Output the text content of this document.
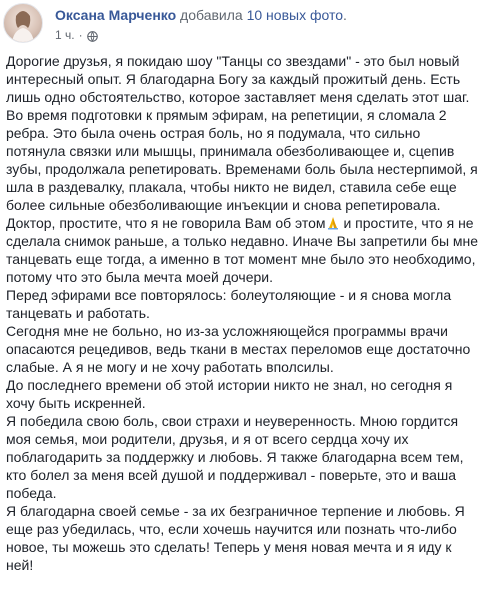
Оксана Марченко добавила 10 новых фото.
1 ч. ·
Дорогие друзья, я покидаю шоу "Танцы со звездами" - это был новый
интересный опыт. Я благодарна Богу за каждый прожитый день. Есть
лишь одно обстоятельство, которое заставляет меня сделать этот шаг.
Во время подготовки к прямым эфирам, на репетиции, я сломала 2
ребра. Это была очень острая боль, но я подумала, что сильно
потянула связки или мышцы, принимала обезболивающее и, сцепив
зубы, продолжала репетировать. Временами боль была нестерпимой, я
шла в раздевалку, плакала, чтобы никто не видел, ставила себе еще
более сильные обезболивающие инъекции и снова репетировала.
Доктор, простите, что я не говорила Вам об этом и простите, что я не
сделала снимок раньше, а только недавно. Иначе Вы запретили бы мне
танцевать еще тогда, а именно в тот момент мне было это необходимо,
потому что это была мечта моей дочери.
Перед эфирами все повторялось: болеутоляющие - и я снова могла
танцевать и работать.
Сегодня мне не больно, но из-за усложняющейся программы врачи
опасаются рецедивов, ведь ткани в местах переломов еще достаточно
слабые. А я не могу и не хочу работать вполсилы.
До последнего времени об этой истории никто не знал, но сегодня я
хочу быть искренней.
Я победила свою боль, свои страхи и неуверенность. Мною гордится
моя семья, мои родители, друзья, и я от всего сердца хочу их
поблагодарить за поддержку и любовь. Я также благодарна всем тем,
кто болел за меня всей душой и поддерживал - поверьте, это и ваша
победа.
Я благодарна своей семье - за их безграничное терпение и любовь. Я
еще раз убедилась, что, если хочешь научится или познать что-либо
новое, ты можешь это сделать! Теперь у меня новая мечта и я иду к
ней!
